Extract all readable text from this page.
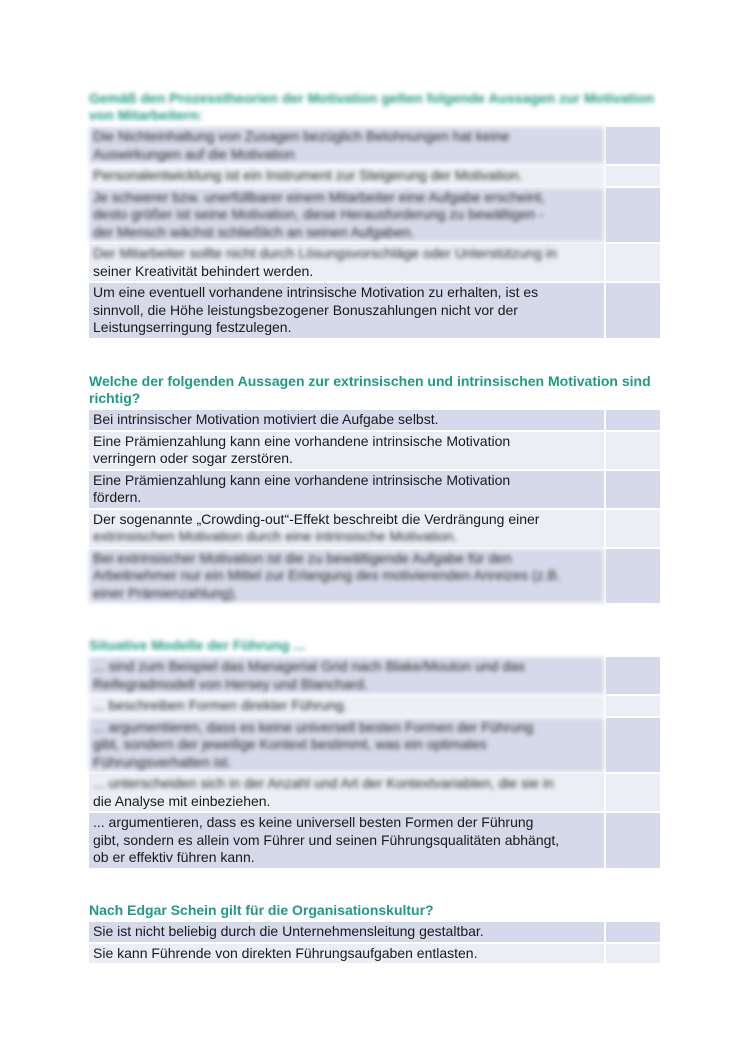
Gemäß den Prozesstheorien der Motivation gelten folgende Aussagen zur Motivation von Mitarbeitern:
Die Nichteinhaltung von Zusagen bezüglich Belohnungen hat keine
Auswirkungen auf die Motivation	
Personalentwicklung ist ein Instrument zur Steigerung der Motivation.	
Je schwerer bzw. unerfüllbarer einem Mitarbeiter eine Aufgabe erscheint,
desto größer ist seine Motivation, diese Herausforderung zu bewältigen -
der Mensch wächst schließlich an seinen Aufgaben.	
Der Mitarbeiter sollte nicht durch Lösungsvorschläge oder Unterstützung in
seiner Kreativität behindert werden.	
Um eine eventuell vorhandene intrinsische Motivation zu erhalten, ist es
sinnvoll, die Höhe leistungsbezogener Bonuszahlungen nicht vor der
Leistungserringung festzulegen.	
Welche der folgenden Aussagen zur extrinsischen und intrinsischen Motivation sind richtig?
Bei intrinsischer Motivation motiviert die Aufgabe selbst.	
Eine Prämienzahlung kann eine vorhandene intrinsische Motivation
verringern oder sogar zerstören.	
Eine Prämienzahlung kann eine vorhandene intrinsische Motivation
fördern.	
Der sogenannte „Crowding-out“-Effekt beschreibt die Verdrängung einer
extrinsischen Motivation durch eine intrinsische Motivation.	
Bei extrinsischer Motivation ist die zu bewältigende Aufgabe für den
Arbeitnehmer nur ein Mittel zur Erlangung des motivierenden Anreizes (z.B.
einer Prämienzahlung).	
Situative Modelle der Führung ...
... sind zum Beispiel das Managerial Grid nach Blake/Mouton und das
Reifegradmodell von Hersey und Blanchard.	
... beschreiben Formen direkter Führung.	
... argumentieren, dass es keine universell besten Formen der Führung
gibt, sondern der jeweilige Kontext bestimmt, was ein optimales
Führungsverhalten ist.	
... unterscheiden sich in der Anzahl und Art der Kontextvariablen, die sie in
die Analyse mit einbeziehen.	
... argumentieren, dass es keine universell besten Formen der Führung
gibt, sondern es allein vom Führer und seinen Führungsqualitäten abhängt,
ob er effektiv führen kann.	
Nach Edgar Schein gilt für die Organisationskultur?
Sie ist nicht beliebig durch die Unternehmensleitung gestaltbar.	
Sie kann Führende von direkten Führungsaufgaben entlasten.	
